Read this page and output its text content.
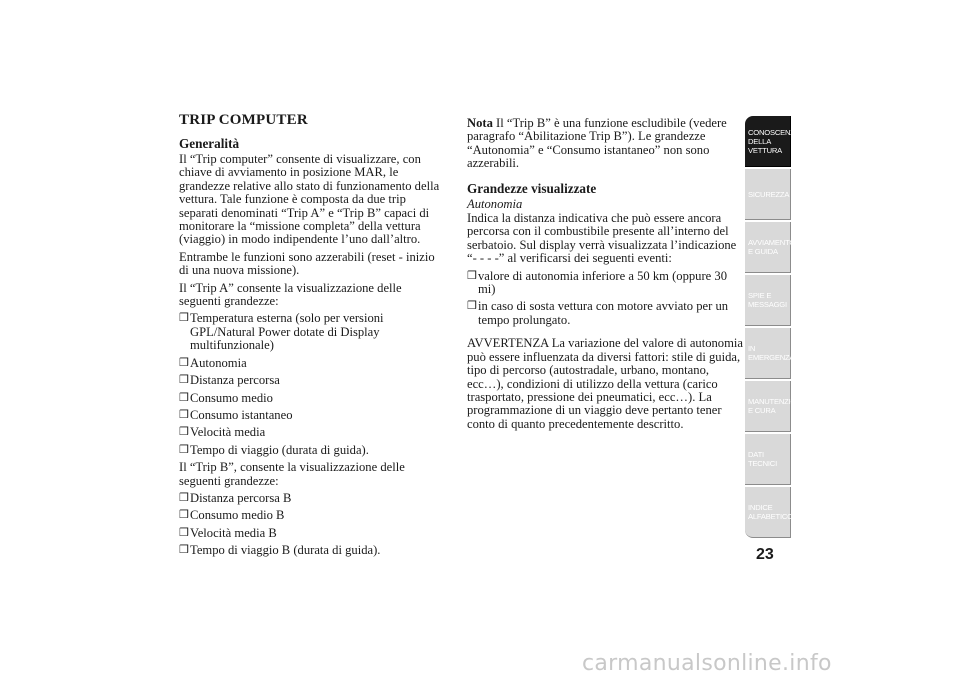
TRIP COMPUTER
Generalità

Il “Trip computer” consente di visualizzare, con chiave di avviamento in posizione MAR, le grandezze relative allo stato di funzionamento della vettura. Tale funzione è composta da due trip separati denominati “Trip A” e “Trip B” capaci di monitorare la “missione completa” della vettura (viaggio) in modo indipendente l’uno dall’altro.

Entrambe le funzioni sono azzerabili (reset - inizio di una nuova missione).

Il “Trip A” consente la visualizzazione delle seguenti grandezze:

❒ Temperatura esterna (solo per versioni GPL/Natural Power dotate di Display multifunzionale)
❒ Autonomia
❒ Distanza percorsa
❒ Consumo medio
❒ Consumo istantaneo
❒ Velocità media
❒ Tempo di viaggio (durata di guida).

Il “Trip B”, consente la visualizzazione delle seguenti grandezze:

❒ Distanza percorsa B
❒ Consumo medio B
❒ Velocità media B
❒ Tempo di viaggio B (durata di guida).

Nota Il “Trip B” è una funzione escludibile (vedere paragrafo “Abilitazione Trip B”). Le grandezze “Autonomia” e “Consumo istantaneo” non sono azzerabili.

Grandezze visualizzate
Autonomia

Indica la distanza indicativa che può essere ancora percorsa con il combustibile presente all’interno del serbatoio. Sul display verrà visualizzata l’indicazione “- - - -” al verificarsi dei seguenti eventi:

❒ valore di autonomia inferiore a 50 km (oppure 30 mi)
❒ in caso di sosta vettura con motore avviato per un tempo prolungato.

AVVERTENZA La variazione del valore di autonomia può essere influenzata da diversi fattori: stile di guida, tipo di percorso (autostradale, urbano, montano, ecc…), condizioni di utilizzo della vettura (carico trasportato, pressione dei pneumatici, ecc…). La programmazione di un viaggio deve pertanto tener conto di quanto precedentemente descritto.

CONOSCENZA DELLA VETTURA
SICUREZZA
AVVIAMENTO E GUIDA
SPIE E MESSAGGI
IN EMERGENZA
MANUTENZIONE E CURA
DATI TECNICI
INDICE ALFABETICO
23
carmanualsonline.info
